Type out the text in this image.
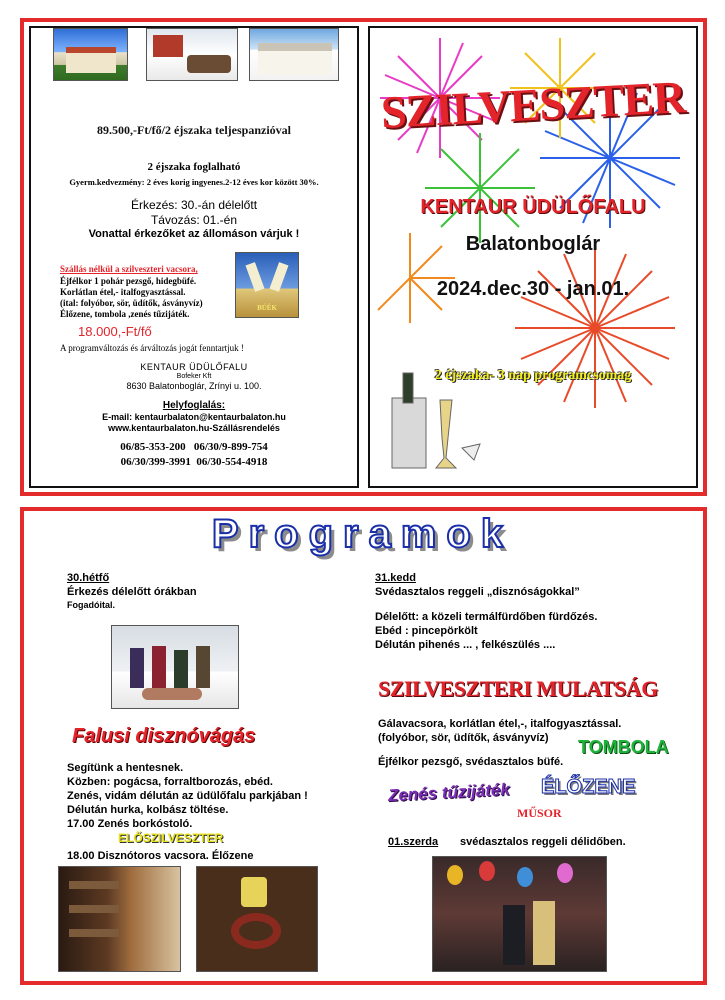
89.500,-Ft/fő/2 éjszaka teljespanzióval
2 éjszaka foglalható
Gyerm.kedvezmény: 2 éves korig ingyenes.2-12 éves kor között 30%.
Érkezés: 30.-án délelőtt
Távozás: 01.-én
Vonattal érkezőket az állomáson várjuk !
Szállás nélkül a szilveszteri vacsora,
Éjfélkor 1 pohár pezsgő, hidegbüfé.
Korlátlan étel,- italfogyasztással.
(ital: folyóbor, sör, üdítők, ásványvíz)
Élőzene, tombola ,zenés tűzijáték.
BÚÉK
18.000,-Ft/fő
A programváltozás és árváltozás jogát fenntartjuk !
KENTAUR ÜDÜLŐFALU
Bofeker Kft
8630 Balatonboglár, Zrínyi u. 100.
Helyfoglalás:
E-mail: kentaurbalaton@kentaurbalaton.hu
www.kentaurbalaton.hu-Szállásrendelés
06/85-353-200   06/30/9-899-754
06/30/399-3991  06/30-554-4918
SZILVESZTER
KENTAUR ÜDÜLŐFALU
Balatonboglár
2024.dec.30 - jan.01.
2 éjszaka- 3 nap programcsomag
Programok
30.hétfő
Érkezés délelőtt órákban
Fogadóital.
Falusi disznóvágás
Segítünk a hentesnek.
Közben: pogácsa, forraltborozás, ebéd.
Zenés, vidám délután az üdülőfalu parkjában !
Délután hurka, kolbász töltése.
17.00 Zenés borkóstoló.
ELŐSZILVESZTER
18.00 Disznótoros vacsora. Élőzene
31.kedd
Svédasztalos reggeli „disznóságokkal”
Délelőtt: a közeli termálfürdőben fürdőzés.
Ebéd : pincepörkölt
Délután pihenés ... , felkészülés ....
SZILVESZTERI MULATSÁG
Gálavacsora, korlátlan étel,-, italfogyasztással.
(folyóbor, sör, üdítők, ásványvíz) TOMBOLA
Éjfélkor pezsgő, svédasztalos büfé.
Zenés tűzijáték ÉLŐZENE
MŰSOR
01.szerda svédasztalos reggeli délidőben.
